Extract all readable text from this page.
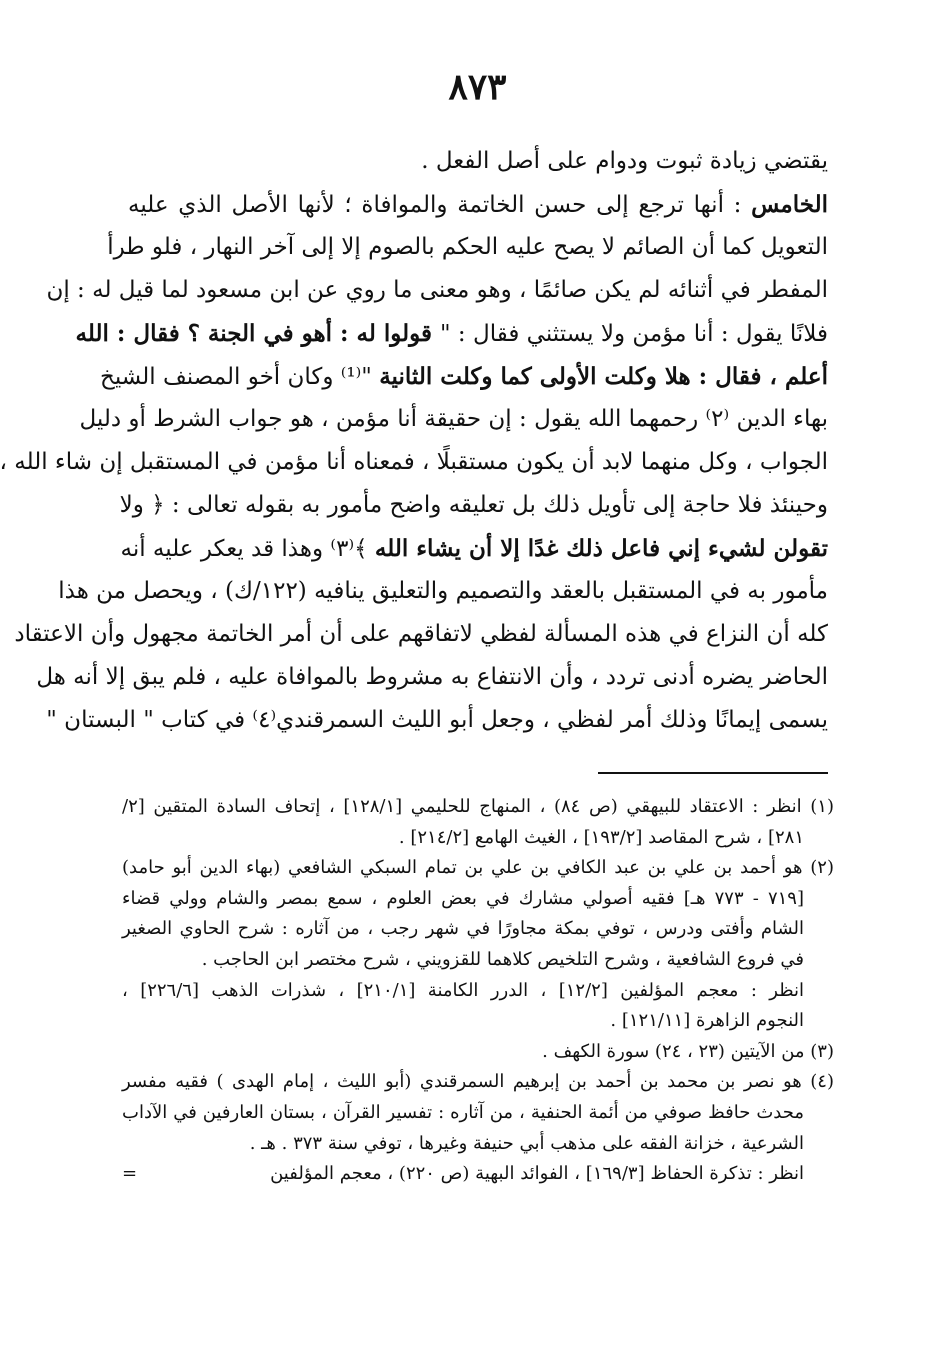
٨٧٣
يقتضي زيادة ثبوت ودوام على أصل الفعل .
الخامس : أنها ترجع إلى حسن الخاتمة والموافاة ؛ لأنها الأصل الذي عليه
التعويل كما أن الصائم لا يصح عليه الحكم بالصوم إلا إلى آخر النهار ، فلو طرأ
المفطر في أثنائه لم يكن صائمًا ، وهو معنى ما روي عن ابن مسعود لما قيل له : إن
فلانًا يقول : أنا مؤمن ولا يستثني فقال : " قولوا له : أهو في الجنة ؟ فقال : الله
أعلم ، فقال : هلا وكلت الأولى كما وكلت الثانية "⁽¹⁾ وكان أخو المصنف الشيخ
بهاء الدين ⁽٢⁾ رحمهما الله يقول : إن حقيقة أنا مؤمن ، هو جواب الشرط أو دليل
الجواب ، وكل منهما لابد أن يكون مستقبلًا ، فمعناه أنا مؤمن في المستقبل إن شاء الله ،
وحينئذ فلا حاجة إلى تأويل ذلك بل تعليقه واضح مأمور به بقوله تعالى : ﴿ ولا
تقولن لشيء إني فاعل ذلك غدًا إلا أن يشاء الله ﴾⁽٣⁾ وهذا قد يعكر عليه أنه
مأمور به في المستقبل بالعقد والتصميم والتعليق ينافيه (١٢٢/ك) ، ويحصل من هذا
كله أن النزاع في هذه المسألة لفظي لاتفاقهم على أن أمر الخاتمة مجهول وأن الاعتقاد
الحاضر يضره أدنى تردد ، وأن الانتفاع به مشروط بالموافاة عليه ، فلم يبق إلا أنه هل
يسمى إيمانًا وذلك أمر لفظي ، وجعل أبو الليث السمرقندي⁽٤⁾ في كتاب " البستان "
(١) انظر : الاعتقاد للبيهقي (ص ٨٤) ، المنهاج للحليمي [١٢٨/١] ، إتحاف السادة المتقين [٢/
٢٨١] ، شرح المقاصد [١٩٣/٢] ، الغيث الهامع [٢١٤/٢] .
(٢) هو أحمد بن علي بن عبد الكافي بن علي بن تمام السبكي الشافعي (بهاء الدين أبو حامد)
[٧١٩ - ٧٧٣ هـ] فقيه أصولي مشارك في بعض العلوم ، سمع بمصر والشام وولي قضاء
الشام وأفتى ودرس ، توفي بمكة مجاورًا في شهر رجب ، من آثاره : شرح الحاوي الصغير
في فروع الشافعية ، وشرح التلخيص كلاهما للقزويني ، شرح مختصر ابن الحاجب .
انظر : معجم المؤلفين [١٢/٢] ، الدرر الكامنة [٢١٠/١] ، شذرات الذهب [٢٢٦/٦] ،
النجوم الزاهرة [١٢١/١١] .
(٣) من الآيتين (٢٣ ، ٢٤) سورة الكهف .
(٤) هو نصر بن محمد بن أحمد بن إبرهيم السمرقندي (أبو الليث ، إمام الهدى ) فقيه مفسر
محدث حافظ صوفي من أئمة الحنفية ، من آثاره : تفسير القرآن ، بستان العارفين في الآداب
الشرعية ، خزانة الفقه على مذهب أبي حنيفة وغيرها ، توفي سنة ٣٧٣ . هـ .
انظر : تذكرة الحفاظ [١٦٩/٣] ، الفوائد البهية (ص ٢٢٠) ، معجم المؤلفين
=
